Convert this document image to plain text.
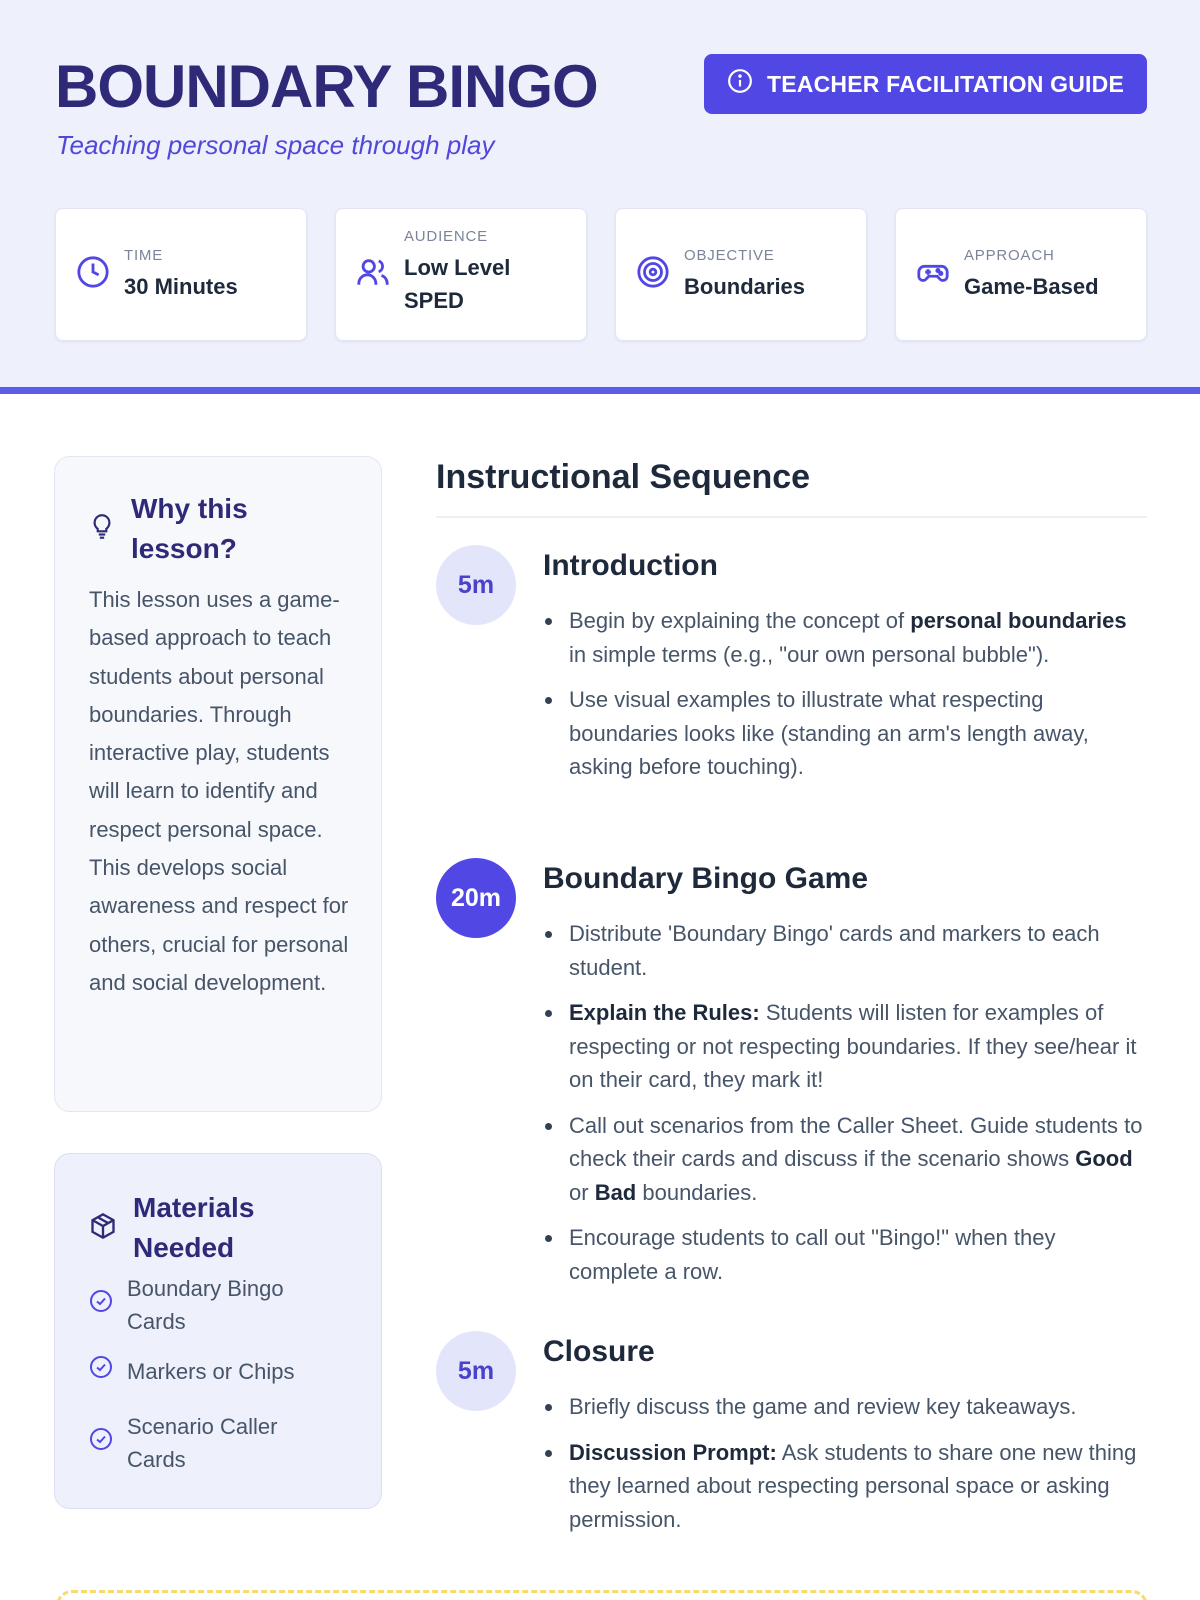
BOUNDARY BINGO
Teaching personal space through play
TEACHER FACILITATION GUIDE
TIME
30 Minutes
AUDIENCE
Low Level SPED
OBJECTIVE
Boundaries
APPROACH
Game-Based
Why this lesson?

This lesson uses a game-based approach to teach students about personal boundaries. Through interactive play, students will learn to identify and respect personal space. This develops social awareness and respect for others, crucial for personal and social development.

Materials Needed
Boundary Bingo Cards
Markers or Chips
Scenario Caller Cards
Instructional Sequence
5m
Introduction
Begin by explaining the concept of personal boundaries in simple terms (e.g., "our own personal bubble").
Use visual examples to illustrate what respecting boundaries looks like (standing an arm's length away, asking before touching).
20m
Boundary Bingo Game
Distribute 'Boundary Bingo' cards and markers to each student.
Explain the Rules: Students will listen for examples of respecting or not respecting boundaries. If they see/hear it on their card, they mark it!
Call out scenarios from the Caller Sheet. Guide students to check their cards and discuss if the scenario shows Good or Bad boundaries.
Encourage students to call out "Bingo!" when they complete a row.
5m
Closure
Briefly discuss the game and review key takeaways.
Discussion Prompt: Ask students to share one new thing they learned about respecting personal space or asking permission.
